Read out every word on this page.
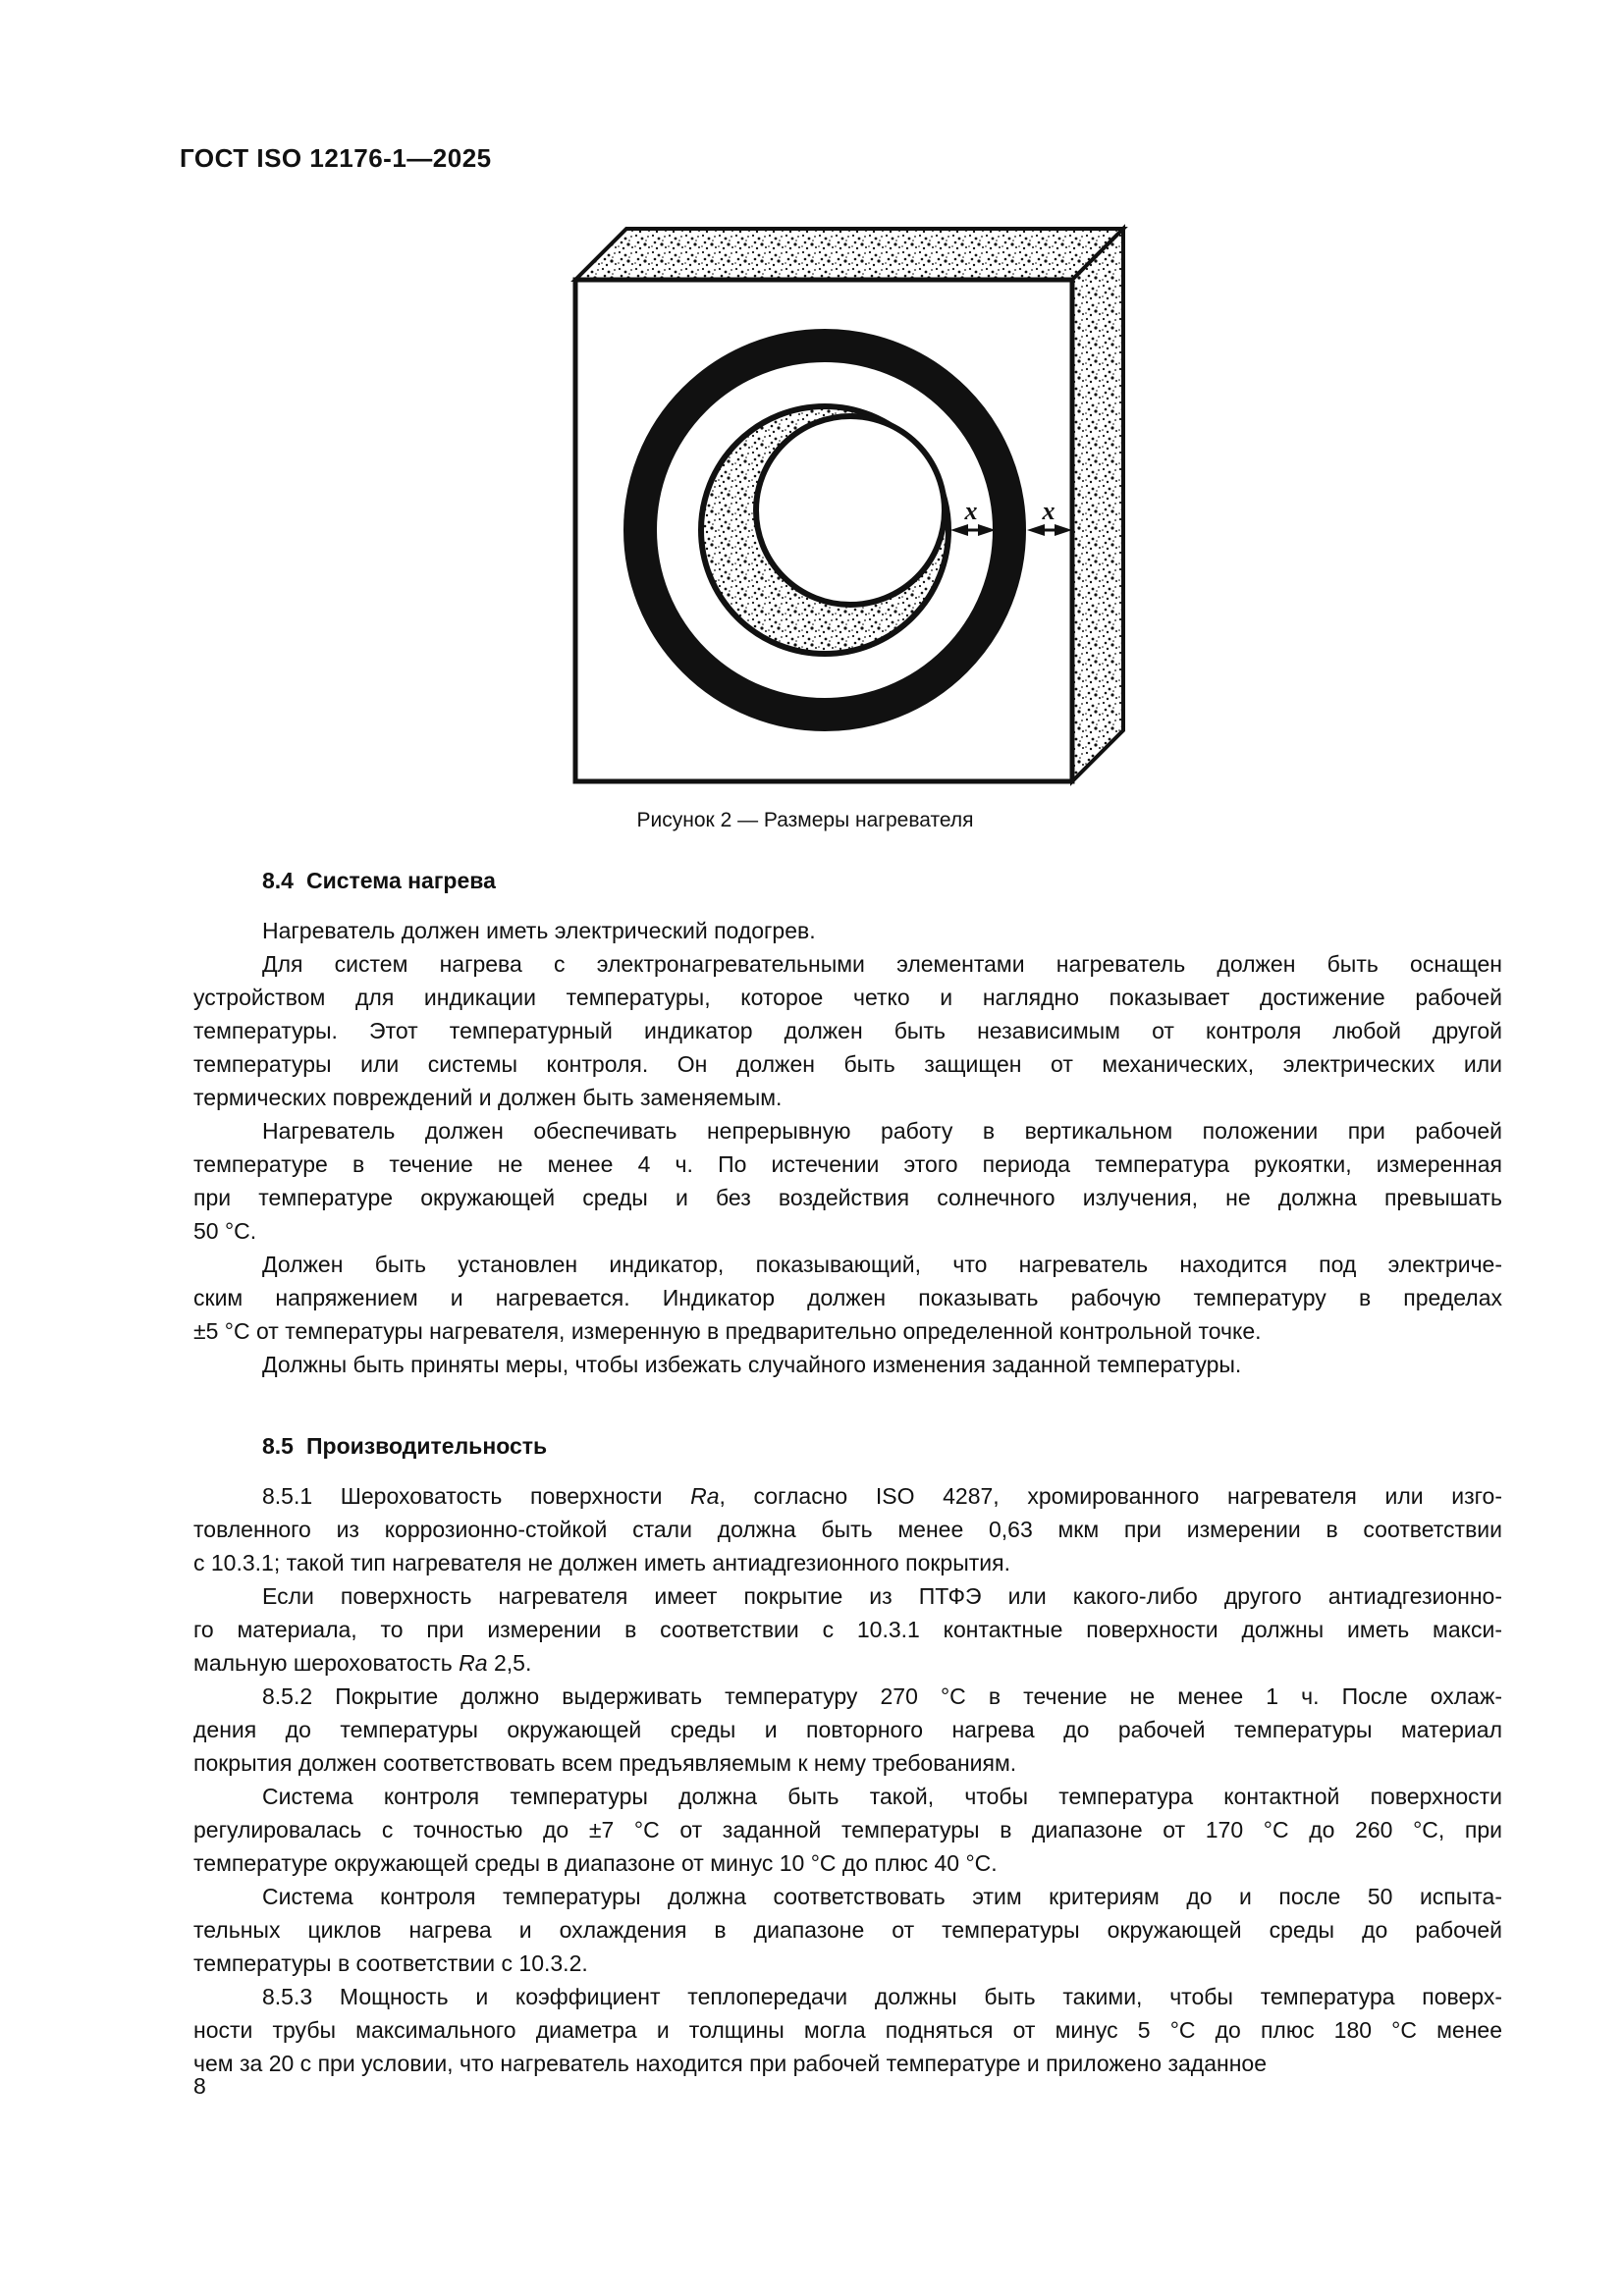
ГОСТ ISO 12176-1—2025
x	x
Рисунок 2 — Размеры нагревателя
8.4 Система нагрева
Нагреватель должен иметь электрический подогрев.
Для систем нагрева с электронагревательными элементами нагреватель должен быть оснащен
устройством для индикации температуры, которое четко и наглядно показывает достижение рабочей
температуры. Этот температурный индикатор должен быть независимым от контроля любой другой
температуры или системы контроля. Он должен быть защищен от механических, электрических или
термических повреждений и должен быть заменяемым.
Нагреватель должен обеспечивать непрерывную работу в вертикальном положении при рабочей
температуре в течение не менее 4 ч. По истечении этого периода температура рукоятки, измеренная
при температуре окружающей среды и без воздействия солнечного излучения, не должна превышать
50 °C.
Должен быть установлен индикатор, показывающий, что нагреватель находится под электриче-
ским напряжением и нагревается. Индикатор должен показывать рабочую температуру в пределах
±5 °C от температуры нагревателя, измеренную в предварительно определенной контрольной точке.
Должны быть приняты меры, чтобы избежать случайного изменения заданной температуры.
8.5 Производительность
8.5.1 Шероховатость поверхности Ra, согласно ISO 4287, хромированного нагревателя или изго-
товленного из коррозионно-стойкой стали должна быть менее 0,63 мкм при измерении в соответствии
с 10.3.1; такой тип нагревателя не должен иметь антиадгезионного покрытия.
Если поверхность нагревателя имеет покрытие из ПТФЭ или какого-либо другого антиадгезионно-
го материала, то при измерении в соответствии с 10.3.1 контактные поверхности должны иметь макси-
мальную шероховатость Ra 2,5.
8.5.2 Покрытие должно выдерживать температуру 270 °C в течение не менее 1 ч. После охлаж-
дения до температуры окружающей среды и повторного нагрева до рабочей температуры материал
покрытия должен соответствовать всем предъявляемым к нему требованиям.
Система контроля температуры должна быть такой, чтобы температура контактной поверхности
регулировалась с точностью до ±7 °C от заданной температуры в диапазоне от 170 °C до 260 °C, при
температуре окружающей среды в диапазоне от минус 10 °C до плюс 40 °C.
Система контроля температуры должна соответствовать этим критериям до и после 50 испыта-
тельных циклов нагрева и охлаждения в диапазоне от температуры окружающей среды до рабочей
температуры в соответствии с 10.3.2.
8.5.3 Мощность и коэффициент теплопередачи должны быть такими, чтобы температура поверх-
ности трубы максимального диаметра и толщины могла подняться от минус 5 °C до плюс 180 °C менее
чем за 20 с при условии, что нагреватель находится при рабочей температуре и приложено заданное
8
